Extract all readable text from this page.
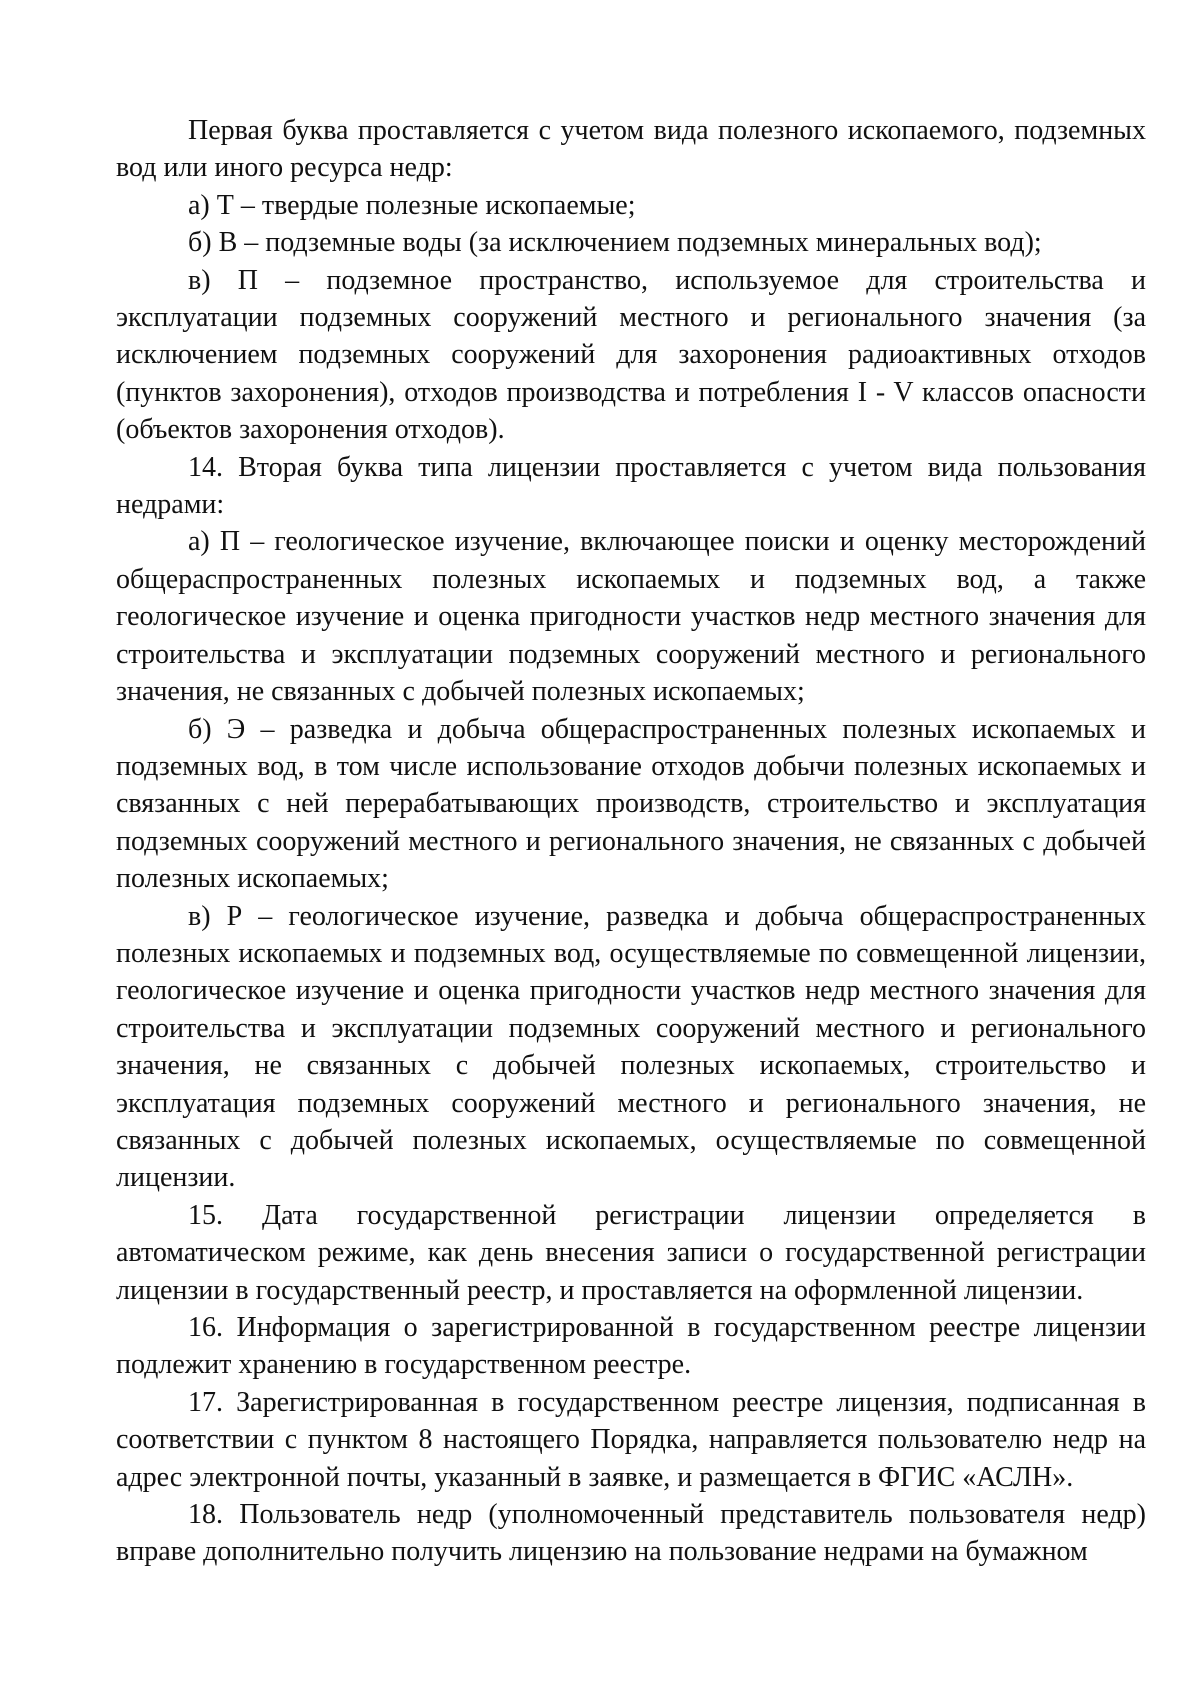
Первая буква проставляется с учетом вида полезного ископаемого, подземных вод или иного ресурса недр:

а) Т – твердые полезные ископаемые;

б) В – подземные воды (за исключением подземных минеральных вод);

в) П – подземное пространство, используемое для строительства и эксплуатации подземных сооружений местного и регионального значения (за исключением подземных сооружений для захоронения радиоактивных отходов (пунктов захоронения), отходов производства и потребления I - V классов опасности (объектов захоронения отходов).

14. Вторая буква типа лицензии проставляется с учетом вида пользования недрами:

а) П – геологическое изучение, включающее поиски и оценку месторождений общераспространенных полезных ископаемых и подземных вод, а также геологическое изучение и оценка пригодности участков недр местного значения для строительства и эксплуатации подземных сооружений местного и регионального значения, не связанных с добычей полезных ископаемых;

б) Э – разведка и добыча общераспространенных полезных ископаемых и подземных вод, в том числе использование отходов добычи полезных ископаемых и связанных с ней перерабатывающих производств, строительство и эксплуатация подземных сооружений местного и регионального значения, не связанных с добычей полезных ископаемых;

в) Р – геологическое изучение, разведка и добыча общераспространенных полезных ископаемых и подземных вод, осуществляемые по совмещенной лицензии, геологическое изучение и оценка пригодности участков недр местного значения для строительства и эксплуатации подземных сооружений местного и регионального значения, не связанных с добычей полезных ископаемых, строительство и эксплуатация подземных сооружений местного и регионального значения, не связанных с добычей полезных ископаемых, осуществляемые по совмещенной лицензии.

15. Дата государственной регистрации лицензии определяется в автоматическом режиме, как день внесения записи о государственной регистрации лицензии в государственный реестр, и проставляется на оформленной лицензии.

16. Информация о зарегистрированной в государственном реестре лицензии подлежит хранению в государственном реестре.

17. Зарегистрированная в государственном реестре лицензия, подписанная в соответствии с пунктом 8 настоящего Порядка, направляется пользователю недр на адрес электронной почты, указанный в заявке, и размещается в ФГИС «АСЛН».

18. Пользователь недр (уполномоченный представитель пользователя недр) вправе дополнительно получить лицензию на пользование недрами на бумажном
